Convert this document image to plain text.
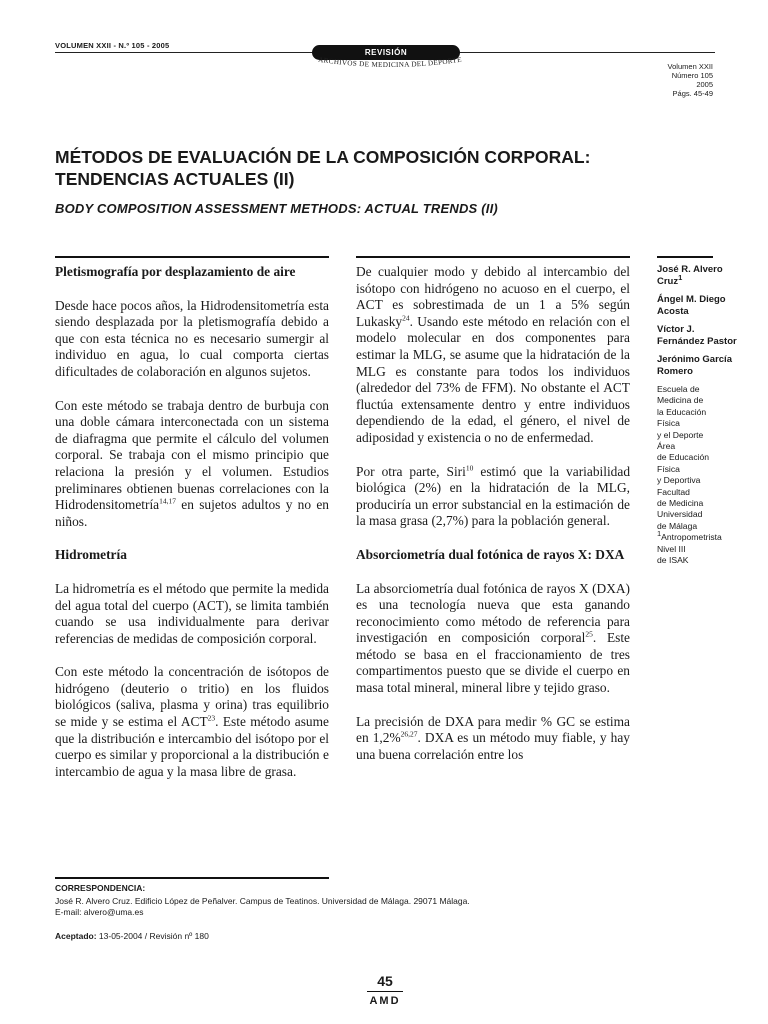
VOLUMEN XXII - N.º 105 - 2005
REVISIÓN
ARCHIVOS DE MEDICINA DEL DEPORTE
Volumen XXII
Número 105
2005
Págs. 45-49
MÉTODOS DE EVALUACIÓN DE LA COMPOSICIÓN CORPORAL:
TENDENCIAS ACTUALES (II)
BODY COMPOSITION ASSESSMENT METHODS: ACTUAL TRENDS (II)
Pletismografía por desplazamiento de aire

Desde hace pocos años, la Hidrodensitometría esta siendo desplazada por la pletismografía debido a que con esta técnica no es necesario sumergir al individuo en agua, lo cual comporta ciertas dificultades de colaboración en algunos sujetos.

Con este método se trabaja dentro de burbuja con una doble cámara interconectada con un sistema de diafragma que permite el cálculo del volumen corporal. Se trabaja con el mismo principio que relaciona la presión y el volumen. Estudios preliminares obtienen buenas correlaciones con la Hidrodensitometría$^{14,17}$ en sujetos adultos y no en niños.

Hidrometría

La hidrometría es el método que permite la medida del agua total del cuerpo (ACT), se limita también cuando se usa individualmente para derivar referencias de medidas de composición corporal.

Con este método la concentración de isótopos de hidrógeno (deuterio o tritio) en los fluidos biológicos (saliva, plasma y orina) tras equilibrio se mide y se estima el ACT$^{23}$. Este método asume que la distribución e intercambio del isótopo por el cuerpo es similar y proporcional a la distribución e intercambio de agua y la masa libre de grasa.

De cualquier modo y debido al intercambio del isótopo con hidrógeno no acuoso en el cuerpo, el ACT es sobrestimada de un 1 a 5% según Lukasky$^{24}$. Usando este método en relación con el modelo molecular en dos componentes para estimar la MLG, se asume que la hidratación de la MLG es constante para todos los individuos (alrededor del 73% de FFM). No obstante el ACT fluctúa extensamente dentro y entre individuos dependiendo de la edad, el género, el nivel de adiposidad y existencia o no de enfermedad.

Por otra parte, Siri$^{10}$ estimó que la variabilidad biológica (2%) en la hidratación de la MLG, produciría un error substancial en la estimación de la masa grasa (2,7%) para la población general.

Absorciometría dual fotónica de rayos X: DXA

La absorciometría dual fotónica de rayos X (DXA) es una tecnología nueva que esta ganando reconocimiento como método de referencia para investigación en composición corporal$^{25}$. Este método se basa en el fraccionamiento de tres compartimentos puesto que se divide el cuerpo en masa total mineral, mineral libre y tejido graso.

La precisión de DXA para medir % GC se estima en 1,2%$^{26,27}$. DXA es un método muy fiable, y hay una buena correlación entre los

José R. Alvero Cruz$^1$
Ángel M. Diego Acosta
Víctor J. Fernández Pastor
Jerónimo García Romero
Escuela de
Medicina de
la Educación
Física
y el Deporte
Área
de Educación
Física
y Deportiva
Facultad
de Medicina
Universidad
de Málaga
$^1$Antropometrista
Nivel III
de ISAK
CORRESPONDENCIA:
José R. Alvero Cruz. Edificio López de Peñalver. Campus de Teatinos. Universidad de Málaga. 29071 Málaga.
E-mail: alvero@uma.es
Aceptado: 13-05-2004 / Revisión nº 180
45
AMD
